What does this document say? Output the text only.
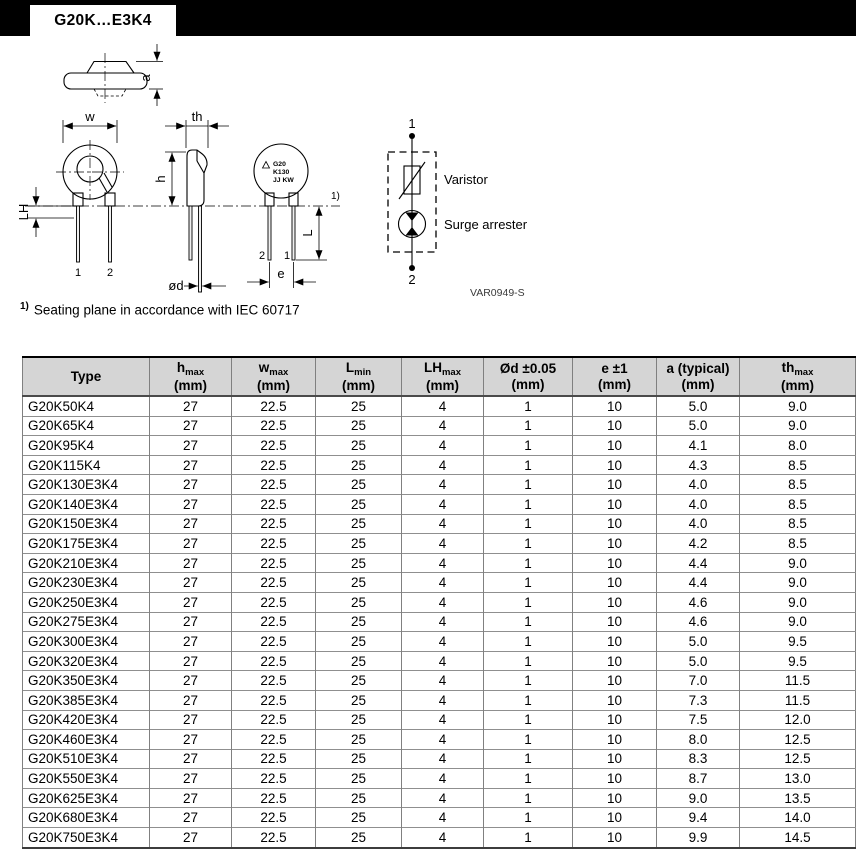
G20K…E3K4
1)
a
w
1 2
LH
th
h
ød
G20
K130
JJ KW
2 1
e
L
1
2
Varistor
Surge arrester
VAR0949-S
$^{1)}$ Seating plane in accordance with IEC 60717
Type

$h_{max}$
(mm)

$w_{max}$
(mm)

$L_{min}$
(mm)

$LH_{max}$
(mm)

Ød ±0.05
(mm)

e ±1
(mm)

a (typical)
(mm)

$th_{max}$
(mm)

G20K50K4	27	22.5	25	4	1	10	5.0	9.0
G20K65K4	27	22.5	25	4	1	10	5.0	9.0
G20K95K4	27	22.5	25	4	1	10	4.1	8.0
G20K115K4	27	22.5	25	4	1	10	4.3	8.5
G20K130E3K4	27	22.5	25	4	1	10	4.0	8.5
G20K140E3K4	27	22.5	25	4	1	10	4.0	8.5
G20K150E3K4	27	22.5	25	4	1	10	4.0	8.5
G20K175E3K4	27	22.5	25	4	1	10	4.2	8.5
G20K210E3K4	27	22.5	25	4	1	10	4.4	9.0
G20K230E3K4	27	22.5	25	4	1	10	4.4	9.0
G20K250E3K4	27	22.5	25	4	1	10	4.6	9.0
G20K275E3K4	27	22.5	25	4	1	10	4.6	9.0
G20K300E3K4	27	22.5	25	4	1	10	5.0	9.5
G20K320E3K4	27	22.5	25	4	1	10	5.0	9.5
G20K350E3K4	27	22.5	25	4	1	10	7.0	11.5
G20K385E3K4	27	22.5	25	4	1	10	7.3	11.5
G20K420E3K4	27	22.5	25	4	1	10	7.5	12.0
G20K460E3K4	27	22.5	25	4	1	10	8.0	12.5
G20K510E3K4	27	22.5	25	4	1	10	8.3	12.5
G20K550E3K4	27	22.5	25	4	1	10	8.7	13.0
G20K625E3K4	27	22.5	25	4	1	10	9.0	13.5
G20K680E3K4	27	22.5	25	4	1	10	9.4	14.0
G20K750E3K4	27	22.5	25	4	1	10	9.9	14.5
